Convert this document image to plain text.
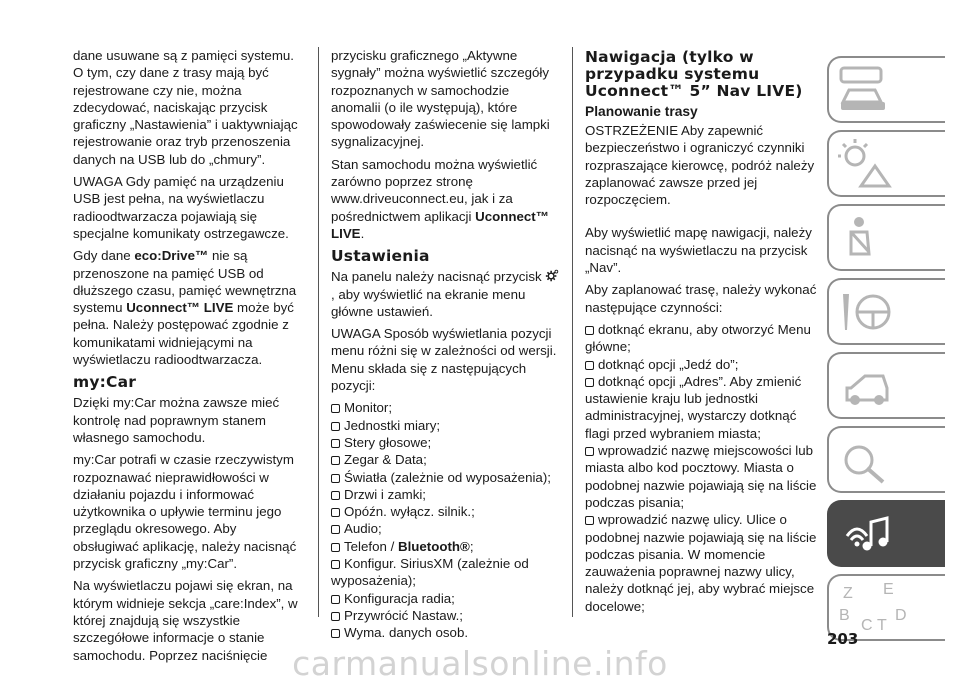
dane usuwane są z pamięci systemu. O tym, czy dane z trasy mają być rejestrowane czy nie, można zdecydować, naciskając przycisk graficzny „Nastawienia” i uaktywniając rejestrowanie oraz tryb przenoszenia danych na USB lub do „chmury”.

UWAGA Gdy pamięć na urządzeniu USB jest pełna, na wyświetlaczu radioodtwarzacza pojawiają się specjalne komunikaty ostrzegawcze.

Gdy dane eco:Drive™ nie są przenoszone na pamięć USB od dłuższego czasu, pamięć wewnętrzna systemu Uconnect™ LIVE może być pełna. Należy postępować zgodnie z komunikatami widniejącymi na wyświetlaczu radioodtwarzacza.

my:Car

Dzięki my:Car można zawsze mieć kontrolę nad poprawnym stanem własnego samochodu.

my:Car potrafi w czasie rzeczywistym rozpoznawać nieprawidłowości w działaniu pojazdu i informować użytkownika o upływie terminu jego przeglądu okresowego. Aby obsługiwać aplikację, należy nacisnąć przycisk graficzny „my:Car”.

Na wyświetlaczu pojawi się ekran, na którym widnieje sekcja „care:Index”, w której znajdują się wszystkie szczegółowe informacje o stanie samochodu. Poprzez naciśnięcie

przycisku graficznego „Aktywne sygnały” można wyświetlić szczegóły rozpoznanych w samochodzie anomalii (o ile występują), które spowodowały zaświecenie się lampki sygnalizacyjnej.

Stan samochodu można wyświetlić zarówno poprzez stronę www.driveuconnect.eu, jak i za pośrednictwem aplikacji Uconnect™ LIVE.

Ustawienia

Na panelu należy nacisnąć przycisk , aby wyświetlić na ekranie menu główne ustawień.

UWAGA Sposób wyświetlania pozycji menu różni się w zależności od wersji. Menu składa się z następujących pozycji:

Monitor;
Jednostki miary;
Stery głosowe;
Zegar & Data;
Światła (zależnie od wyposażenia);
Drzwi i zamki;
Opóźn. wyłącz. silnik.;
Audio;
Telefon / Bluetooth®;
Konfigur. SiriusXM (zależnie od wyposażenia);
Konfiguracja radia;
Przywrócić Nastaw.;
Wyma. danych osob.
Nawigacja (tylko w przypadku systemu Uconnect™ 5” Nav LIVE)
Planowanie trasy

OSTRZEŻENIE Aby zapewnić bezpieczeństwo i ograniczyć czynniki rozpraszające kierowcę, podróż należy zaplanować zawsze przed jej rozpoczęciem.

Aby wyświetlić mapę nawigacji, należy nacisnąć na wyświetlaczu na przycisk „Nav”.

Aby zaplanować trasę, należy wykonać następujące czynności:

dotknąć ekranu, aby otworzyć Menu główne;
dotknąć opcji „Jedź do”;
dotknąć opcji „Adres”. Aby zmienić ustawienie kraju lub jednostki administracyjnej, wystarczy dotknąć flagi przed wybraniem miasta;
wprowadzić nazwę miejscowości lub miasta albo kod pocztowy. Miasta o podobnej nazwie pojawiają się na liście podczas pisania;
wprowadzić nazwę ulicy. Ulice o podobnej nazwie pojawiają się na liście podczas pisania. W momencie zauważenia poprawnej nazwy ulicy, należy dotknąć jej, aby wybrać miejsce docelowe;
Z E
B
C T
D
203
carmanualsonline.info
